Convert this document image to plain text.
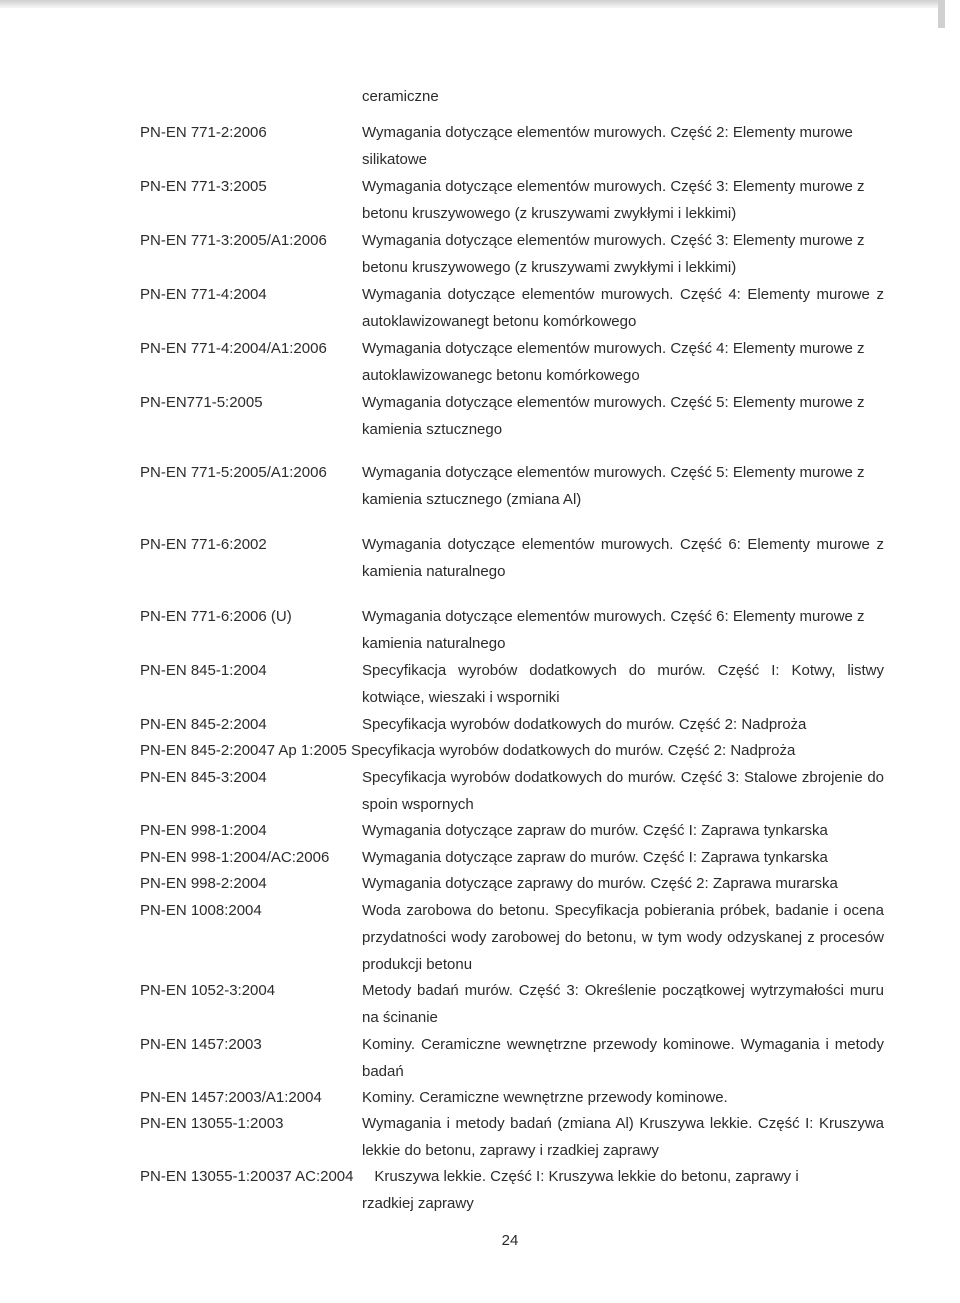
ceramiczne
PN-EN 771-2:2006	Wymagania dotyczące elementów murowych. Część 2: Elementy murowe silikatowe
PN-EN 771-3:2005	Wymagania dotyczące elementów murowych. Część 3: Elementy murowe z betonu kruszywowego (z kruszywami zwykłymi i lekkimi)
PN-EN 771-3:2005/A1:2006 Wymagania dotyczące elementów murowych. Część 3: Elementy murowe z betonu kruszywowego (z kruszywami zwykłymi i lekkimi)
PN-EN 771-4:2004	Wymagania dotyczące elementów murowych. Część 4: Elementy murowe z autoklawizowanegt betonu komórkowego
PN-EN 771-4:2004/A1:2006 Wymagania dotyczące elementów murowych. Część 4: Elementy murowe z autoklawizowanegc betonu komórkowego
PN-EN771-5:2005	Wymagania dotyczące elementów murowych. Część 5: Elementy murowe z kamienia sztucznego
PN-EN 771-5:2005/A1:2006 Wymagania dotyczące elementów murowych. Część 5: Elementy murowe z kamienia sztucznego (zmiana Al)
PN-EN 771-6:2002	Wymagania dotyczące elementów murowych. Część 6: Elementy murowe z kamienia naturalnego
PN-EN 771-6:2006 (U)	Wymagania dotyczące elementów murowych. Część 6: Elementy murowe z kamienia naturalnego
PN-EN 845-1:2004	Specyfikacja wyrobów dodatkowych do murów. Część I: Kotwy, listwy kotwiące, wieszaki i wsporniki
PN-EN 845-2:2004	Specyfikacja wyrobów dodatkowych do murów. Część 2: Nadproża
PN-EN 845-2:20047 Ap 1:2005 Specyfikacja wyrobów dodatkowych do murów. Część 2: Nadproża
PN-EN 845-3:2004	Specyfikacja wyrobów dodatkowych do murów. Część 3: Stalowe zbrojenie do spoin wspornych
PN-EN 998-1:2004	Wymagania dotyczące zapraw do murów. Część I: Zaprawa tynkarska
PN-EN 998-1:2004/AC:2006 Wymagania dotyczące zapraw do murów. Część I: Zaprawa tynkarska
PN-EN 998-2:2004	Wymagania dotyczące zaprawy do murów. Część 2: Zaprawa murarska
PN-EN 1008:2004	Woda zarobowa do betonu. Specyfikacja pobierania próbek, badanie i ocena przydatności wody zarobowej do betonu, w tym wody odzyskanej z procesów produkcji betonu
PN-EN 1052-3:2004	Metody badań murów. Część 3: Określenie początkowej wytrzymałości muru na ścinanie
PN-EN 1457:2003	Kominy. Ceramiczne wewnętrzne przewody kominowe. Wymagania i metody badań
PN-EN 1457:2003/A1:2004	Kominy. Ceramiczne wewnętrzne przewody kominowe.
PN-EN 13055-1:2003	Wymagania i metody badań (zmiana Al) Kruszywa lekkie. Część I: Kruszywa lekkie do betonu, zaprawy i rzadkiej zaprawy
PN-EN 13055-1:20037 AC:2004     Kruszywa lekkie. Część I: Kruszywa lekkie do betonu, zaprawy i
rzadkiej zaprawy
24
